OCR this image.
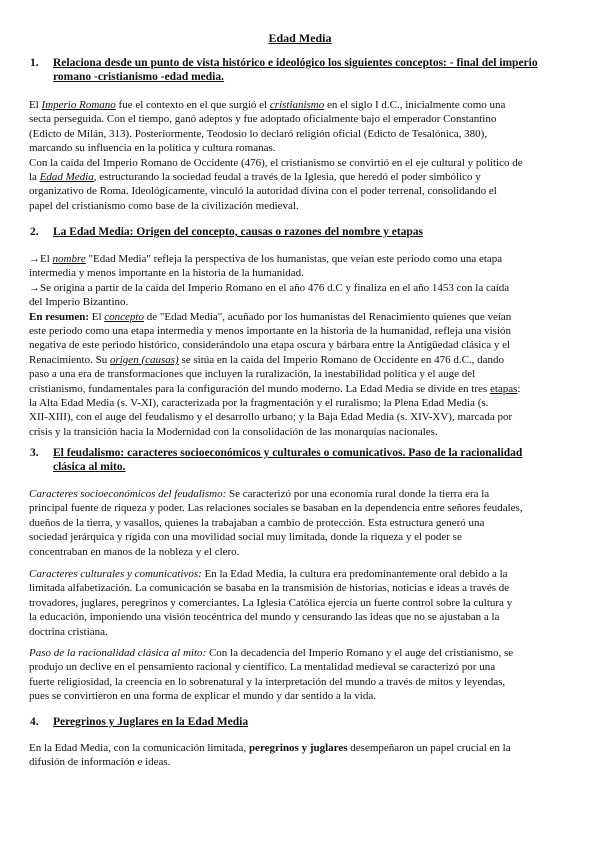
Edad Media
1. Relaciona desde un punto de vista histórico e ideológico los siguientes conceptos: - final del imperio
romano -cristianismo -edad media.
El Imperio Romano fue el contexto en el que surgió el cristianismo en el siglo I d.C., inicialmente como una
secta perseguida. Con el tiempo, ganó adeptos y fue adoptado oficialmente bajo el emperador Constantino
(Edicto de Milán, 313). Posteriormente, Teodosio lo declaró religión oficial (Edicto de Tesalónica, 380),
marcando su influencia en la política y cultura romanas.
Con la caída del Imperio Romano de Occidente (476), el cristianismo se convirtió en el eje cultural y político de
la Edad Media, estructurando la sociedad feudal a través de la Iglesia, que heredó el poder simbólico y
organizativo de Roma. Ideológicamente, vinculó la autoridad divina con el poder terrenal, consolidando el
papel del cristianismo como base de la civilización medieval.
2. La Edad Media: Origen del concepto, causas o razones del nombre y etapas
→El nombre "Edad Media" refleja la perspectiva de los humanistas, que veían este periodo como una etapa
intermedia y menos importante en la historia de la humanidad.
→Se origina a partir de la caída del Imperio Romano en el año 476 d.C y finaliza en el año 1453 con la caída
del Imperio Bizantino.
En resumen: El concepto de "Edad Media", acuñado por los humanistas del Renacimiento quienes que veían
este periodo como una etapa intermedia y menos importante en la historia de la humanidad, refleja una visión
negativa de este periodo histórico, considerándolo una etapa oscura y bárbara entre la Antigüedad clásica y el
Renacimiento. Su origen (causas) se sitúa en la caída del Imperio Romano de Occidente en 476 d.C., dando
paso a una era de transformaciones que incluyen la ruralización, la inestabilidad política y el auge del
cristianismo, fundamentales para la configuración del mundo moderno. La Edad Media se divide en tres etapas:
la Alta Edad Media (s. V-XI), caracterizada por la fragmentación y el ruralismo; la Plena Edad Media (s.
XII-XIII), con el auge del feudalismo y el desarrollo urbano; y la Baja Edad Media (s. XIV-XV), marcada por
crisis y la transición hacia la Modernidad con la consolidación de las monarquías nacionales.
3. El feudalismo: caracteres socioeconómicos y culturales o comunicativos. Paso de la racionalidad
clásica al mito.
Caracteres socioeconómicos del feudalismo: Se caracterizó por una economía rural donde la tierra era la
principal fuente de riqueza y poder. Las relaciones sociales se basaban en la dependencia entre señores feudales,
dueños de la tierra, y vasallos, quienes la trabajaban a cambio de protección. Esta estructura generó una
sociedad jerárquica y rígida con una movilidad social muy limitada, donde la riqueza y el poder se
concentraban en manos de la nobleza y el clero.
Caracteres culturales y comunicativos: En la Edad Media, la cultura era predominantemente oral debido a la
limitada alfabetización. La comunicación se basaba en la transmisión de historias, noticias e ideas a través de
trovadores, juglares, peregrinos y comerciantes. La Iglesia Católica ejercía un fuerte control sobre la cultura y
la educación, imponiendo una visión teocéntrica del mundo y censurando las ideas que no se ajustaban a la
doctrina cristiana.
Paso de la racionalidad clásica al mito: Con la decadencia del Imperio Romano y el auge del cristianismo, se
produjo un declive en el pensamiento racional y científico. La mentalidad medieval se caracterizó por una
fuerte religiosidad, la creencia en lo sobrenatural y la interpretación del mundo a través de mitos y leyendas,
pues se convirtieron en una forma de explicar el mundo y dar sentido a la vida.
4. Peregrinos y Juglares en la Edad Media
En la Edad Media, con la comunicación limitada, peregrinos y juglares desempeñaron un papel crucial en la
difusión de información e ideas.
